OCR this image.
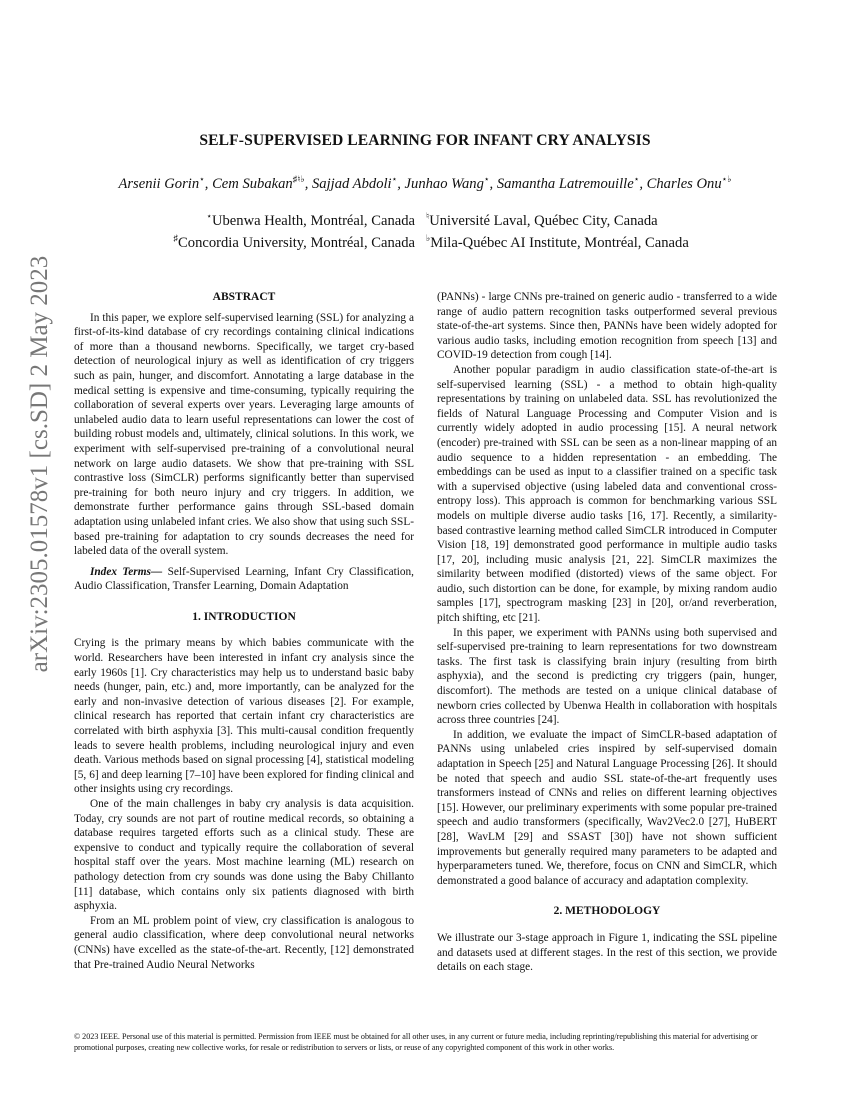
SELF-SUPERVISED LEARNING FOR INFANT CRY ANALYSIS
Arsenii Gorin⋆, Cem Subakan♯♮♭, Sajjad Abdoli⋆, Junhao Wang⋆, Samantha Latremouille⋆, Charles Onu⋆♭
⋆Ubenwa Health, Montréal, Canada ♮Université Laval, Québec City, Canada
♯Concordia University, Montréal, Canada ♭Mila-Québec AI Institute, Montréal, Canada
arXiv:2305.01578v1 [cs.SD] 2 May 2023	ABSTRACT

In this paper, we explore self-supervised learning (SSL) for analyzing a first-of-its-kind database of cry recordings containing clinical indications of more than a thousand newborns. Specifically, we target cry-based detection of neurological injury as well as identification of cry triggers such as pain, hunger, and discomfort. Annotating a large database in the medical setting is expensive and time-consuming, typically requiring the collaboration of several experts over years. Leveraging large amounts of unlabeled audio data to learn useful representations can lower the cost of building robust models and, ultimately, clinical solutions. In this work, we experiment with self-supervised pre-training of a convolutional neural network on large audio datasets. We show that pre-training with SSL contrastive loss (SimCLR) performs significantly better than supervised pre-training for both neuro injury and cry triggers. In addition, we demonstrate further performance gains through SSL-based domain adaptation using unlabeled infant cries. We also show that using such SSL-based pre-training for adaptation to cry sounds decreases the need for labeled data of the overall system.

Index Terms— Self-Supervised Learning, Infant Cry Classification, Audio Classification, Transfer Learning, Domain Adaptation

1. INTRODUCTION

Crying is the primary means by which babies communicate with the world. Researchers have been interested in infant cry analysis since the early 1960s [1]. Cry characteristics may help us to understand basic baby needs (hunger, pain, etc.) and, more importantly, can be analyzed for the early and non-invasive detection of various diseases [2]. For example, clinical research has reported that certain infant cry characteristics are correlated with birth asphyxia [3]. This multi-causal condition frequently leads to severe health problems, including neurological injury and even death. Various methods based on signal processing [4], statistical modeling [5, 6] and deep learning [7–10] have been explored for finding clinical and other insights using cry recordings.

One of the main challenges in baby cry analysis is data acquisition. Today, cry sounds are not part of routine medical records, so obtaining a database requires targeted efforts such as a clinical study. These are expensive to conduct and typically require the collaboration of several hospital staff over the years. Most machine learning (ML) research on pathology detection from cry sounds was done using the Baby Chillanto [11] database, which contains only six patients diagnosed with birth asphyxia.

From an ML problem point of view, cry classification is analogous to general audio classification, where deep convolutional neural networks (CNNs) have excelled as the state-of-the-art. Recently, [12] demonstrated that Pre-trained Audio Neural Networks

(PANNs) - large CNNs pre-trained on generic audio - transferred to a wide range of audio pattern recognition tasks outperformed several previous state-of-the-art systems. Since then, PANNs have been widely adopted for various audio tasks, including emotion recognition from speech [13] and COVID-19 detection from cough [14].

Another popular paradigm in audio classification state-of-the-art is self-supervised learning (SSL) - a method to obtain high-quality representations by training on unlabeled data. SSL has revolutionized the fields of Natural Language Processing and Computer Vision and is currently widely adopted in audio processing [15]. A neural network (encoder) pre-trained with SSL can be seen as a non-linear mapping of an audio sequence to a hidden representation - an embedding. The embeddings can be used as input to a classifier trained on a specific task with a supervised objective (using labeled data and conventional cross-entropy loss). This approach is common for benchmarking various SSL models on multiple diverse audio tasks [16, 17]. Recently, a similarity-based contrastive learning method called SimCLR introduced in Computer Vision [18, 19] demonstrated good performance in multiple audio tasks [17, 20], including music analysis [21, 22]. SimCLR maximizes the similarity between modified (distorted) views of the same object. For audio, such distortion can be done, for example, by mixing random audio samples [17], spectrogram masking [23] in [20], or/and reverberation, pitch shifting, etc [21].

In this paper, we experiment with PANNs using both supervised and self-supervised pre-training to learn representations for two downstream tasks. The first task is classifying brain injury (resulting from birth asphyxia), and the second is predicting cry triggers (pain, hunger, discomfort). The methods are tested on a unique clinical database of newborn cries collected by Ubenwa Health in collaboration with hospitals across three countries [24].

In addition, we evaluate the impact of SimCLR-based adaptation of PANNs using unlabeled cries inspired by self-supervised domain adaptation in Speech [25] and Natural Language Processing [26]. It should be noted that speech and audio SSL state-of-the-art frequently uses transformers instead of CNNs and relies on different learning objectives [15]. However, our preliminary experiments with some popular pre-trained speech and audio transformers (specifically, Wav2Vec2.0 [27], HuBERT [28], WavLM [29] and SSAST [30]) have not shown sufficient improvements but generally required many parameters to be adapted and hyperparameters tuned. We, therefore, focus on CNN and SimCLR, which demonstrated a good balance of accuracy and adaptation complexity.

2. METHODOLOGY

We illustrate our 3-stage approach in Figure 1, indicating the SSL pipeline and datasets used at different stages. In the rest of this section, we provide details on each stage.

© 2023 IEEE. Personal use of this material is permitted. Permission from IEEE must be obtained for all other uses, in any current or future media, including reprinting/republishing this material for advertising or promotional purposes, creating new collective works, for resale or redistribution to servers or lists, or reuse of any copyrighted component of this work in other works.
